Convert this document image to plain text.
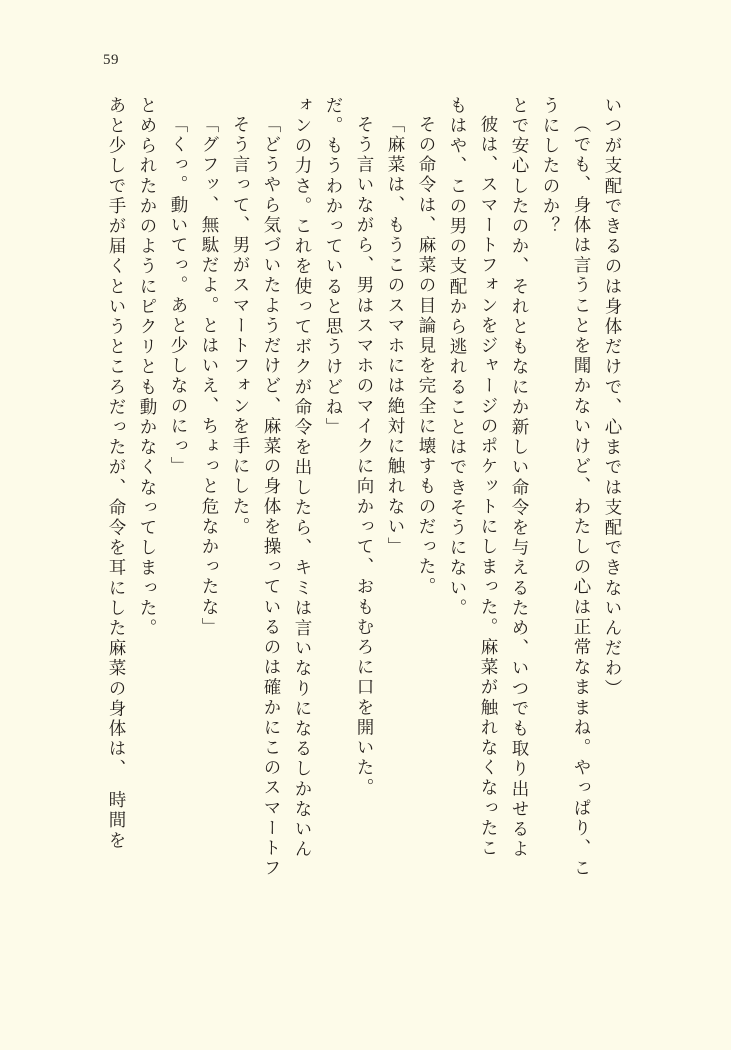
59
あと少しで手が届くというところだったが、命令を耳にした麻菜の身体は、　時間を とめられたかのようにピクリとも動かなくなってしまった。 「くっ。動いてっ。あと少しなのにっ」 「グフッ、無駄だよ。とはいえ、ちょっと危なかったな」 そう言って、男がスマートフォンを手にした。 「どうやら気づいたようだけど、麻菜の身体を操っているのは確かにこのスマートフ ォンの力さ。これを使ってボクが命令を出したら、キミは言いなりになるしかないん だ。もうわかっていると思うけどね」 そう言いながら、男はスマホのマイクに向かって、おもむろに口を開いた。 「麻菜は、もうこのスマホには絶対に触れない」 その命令は、麻菜の目論見を完全に壊すものだった。 もはや、この男の支配から逃れることはできそうにない。 彼は、スマートフォンをジャージのポケットにしまった。麻菜が触れなくなったこ とで安心したのか、それともなにか新しい命令を与えるため、いつでも取り出せるよ うにしたのか？ （でも、身体は言うことを聞かないけど、わたしの心は正常なままね。やっぱり、こ いつが支配できるのは身体だけで、心までは支配できないんだわ）
